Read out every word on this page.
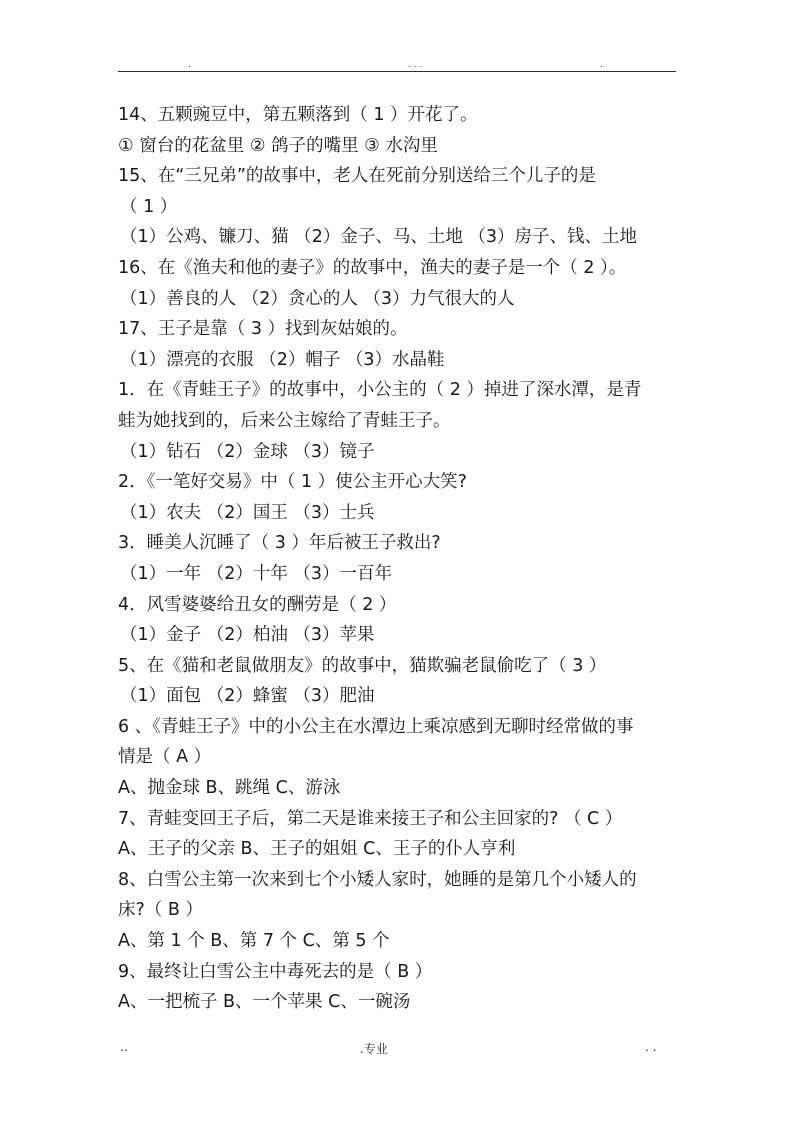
.	. . .	.
14、五颗豌豆中，第五颗落到（ 1 ）开花了。
① 窗台的花盆里 ② 鸽子的嘴里 ③ 水沟里
15、在“三兄弟”的故事中，老人在死前分别送给三个儿子的是
（ 1 ）
（1）公鸡、镰刀、猫 （2）金子、马、土地 （3）房子、钱、土地
16、在《渔夫和他的妻子》的故事中，渔夫的妻子是一个（ 2 ）。
（1）善良的人 （2）贪心的人 （3）力气很大的人
17、王子是靠（ 3 ）找到灰姑娘的。
（1）漂亮的衣服 （2）帽子 （3）水晶鞋
1．在《青蛙王子》的故事中，小公主的（ 2 ）掉进了深水潭，是青
蛙为她找到的，后来公主嫁给了青蛙王子。
（1）钻石 （2）金球 （3）镜子
2．《一笔好交易》中（ 1 ）使公主开心大笑?
（1）农夫 （2）国王 （3）士兵
3．睡美人沉睡了（ 3 ）年后被王子救出?
（1）一年 （2）十年 （3）一百年
4．风雪婆婆给丑女的酬劳是（ 2 ）
（1）金子 （2）柏油 （3）苹果
5、在《猫和老鼠做朋友》的故事中，猫欺骗老鼠偷吃了（ 3 ）
（1）面包 （2）蜂蜜 （3）肥油
6 、《青蛙王子》中的小公主在水潭边上乘凉感到无聊时经常做的事
情是（ A ）
A、抛金球 B、跳绳 C、游泳
7、青蛙变回王子后，第二天是谁来接王子和公主回家的? （ C ）
A、王子的父亲 B、王子的姐姐 C、王子的仆人亨利
8、白雪公主第一次来到七个小矮人家时，她睡的是第几个小矮人的
床?（ B ）
A、第 1 个 B、第 7 个 C、第 5 个
9、最终让白雪公主中毒死去的是（ B ）
A、一把梳子 B、一个苹果 C、一碗汤
..	.专业	. .
